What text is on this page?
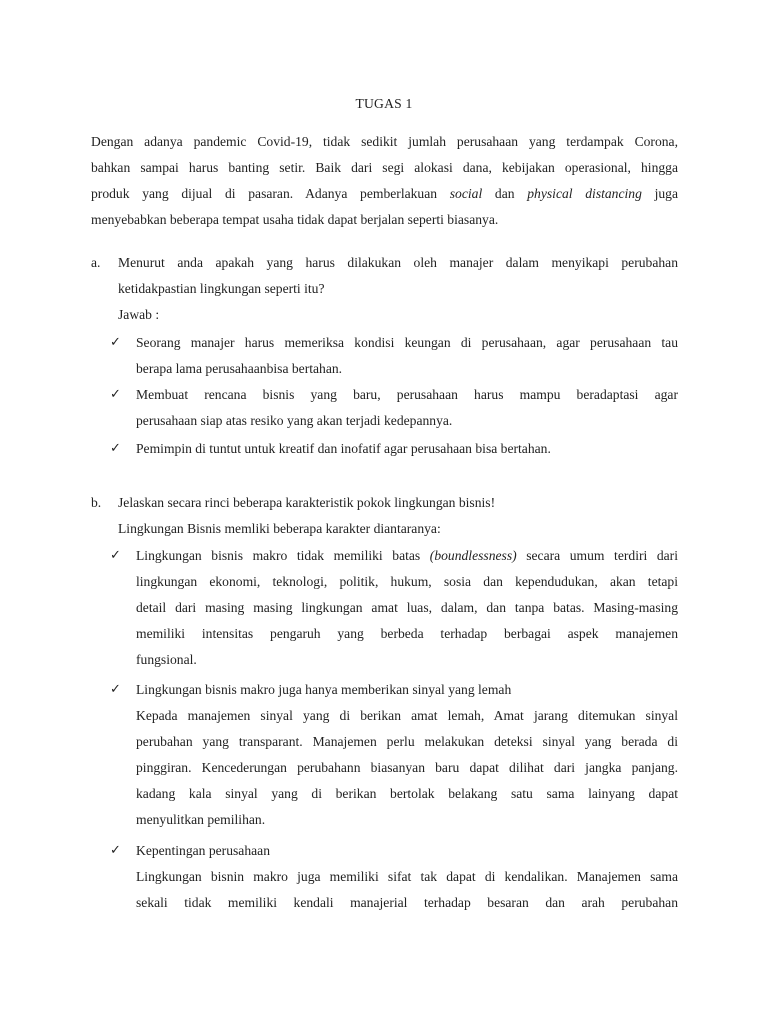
TUGAS 1
Dengan adanya pandemic Covid-19, tidak sedikit jumlah perusahaan yang terdampak Corona,
bahkan sampai harus banting setir. Baik dari segi alokasi dana, kebijakan operasional, hingga
produk yang dijual di pasaran. Adanya pemberlakuan social dan physical distancing juga
menyebabkan beberapa tempat usaha tidak dapat berjalan seperti biasanya.
a. Menurut anda apakah yang harus dilakukan oleh manajer dalam menyikapi perubahan
ketidakpastian lingkungan seperti itu?
Jawab :
✓	Seorang manajer harus memeriksa kondisi keungan di perusahaan, agar perusahaan tau
berapa lama perusahaanbisa bertahan.
✓	Membuat rencana bisnis yang baru, perusahaan harus mampu beradaptasi agar
perusahaan siap atas resiko yang akan terjadi kedepannya.
✓	Pemimpin di tuntut untuk kreatif dan inofatif agar perusahaan bisa bertahan.
b. Jelaskan secara rinci beberapa karakteristik pokok lingkungan bisnis!
Lingkungan Bisnis memliki beberapa karakter diantaranya:
✓	Lingkungan bisnis makro tidak memiliki batas (boundlessness) secara umum terdiri dari
lingkungan ekonomi, teknologi, politik, hukum, sosia dan kependudukan, akan tetapi
detail dari masing masing lingkungan amat luas, dalam, dan tanpa batas. Masing-masing
memiliki intensitas pengaruh yang berbeda terhadap berbagai aspek manajemen
fungsional.
✓	Lingkungan bisnis makro juga hanya memberikan sinyal yang lemah
Kepada manajemen sinyal yang di berikan amat lemah, Amat jarang ditemukan sinyal
perubahan yang transparant. Manajemen perlu melakukan deteksi sinyal yang berada di
pinggiran. Kencederungan perubahann biasanyan baru dapat dilihat dari jangka panjang.
kadang kala sinyal yang di berikan bertolak belakang satu sama lainyang dapat
menyulitkan pemilihan.
✓	Kepentingan perusahaan
Lingkungan bisnin makro juga memiliki sifat tak dapat di kendalikan. Manajemen sama
sekali tidak memiliki kendali manajerial terhadap besaran dan arah perubahan
